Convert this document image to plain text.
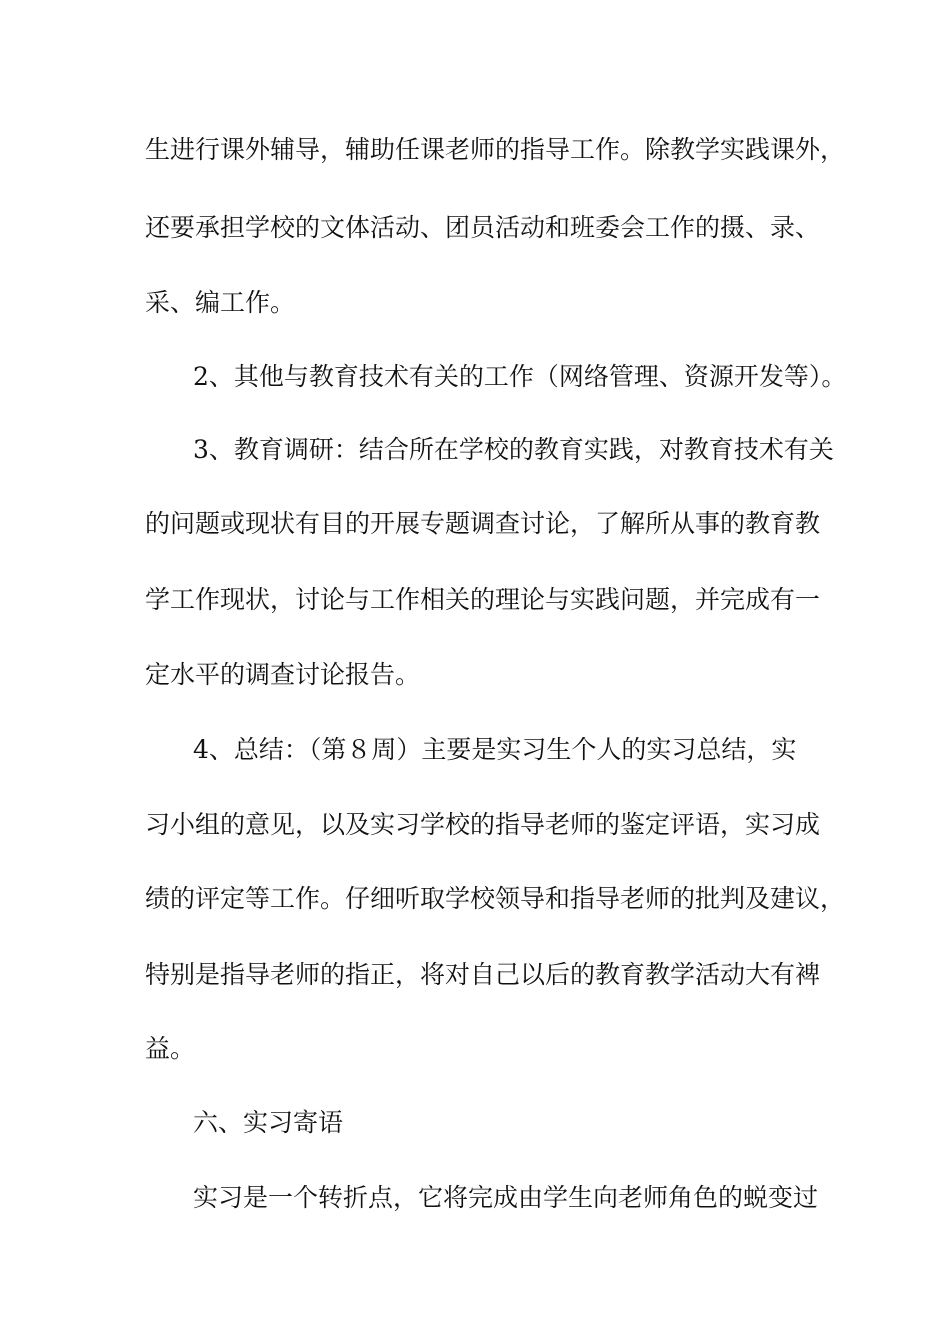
生进行课外辅导，辅助任课老师的指导工作。除教学实践课外，
还要承担学校的文体活动、团员活动和班委会工作的摄、录、
采、编工作。
2、其他与教育技术有关的工作（网络管理、资源开发等）。
3、教育调研：结合所在学校的教育实践，对教育技术有关
的问题或现状有目的开展专题调查讨论，了解所从事的教育教
学工作现状，讨论与工作相关的理论与实践问题，并完成有一
定水平的调查讨论报告。
4、总结：（第８周）主要是实习生个人的实习总结，实
习小组的意见，以及实习学校的指导老师的鉴定评语，实习成
绩的评定等工作。仔细听取学校领导和指导老师的批判及建议，
特别是指导老师的指正，将对自己以后的教育教学活动大有裨
益。
六、实习寄语
实习是一个转折点，它将完成由学生向老师角色的蜕变过
